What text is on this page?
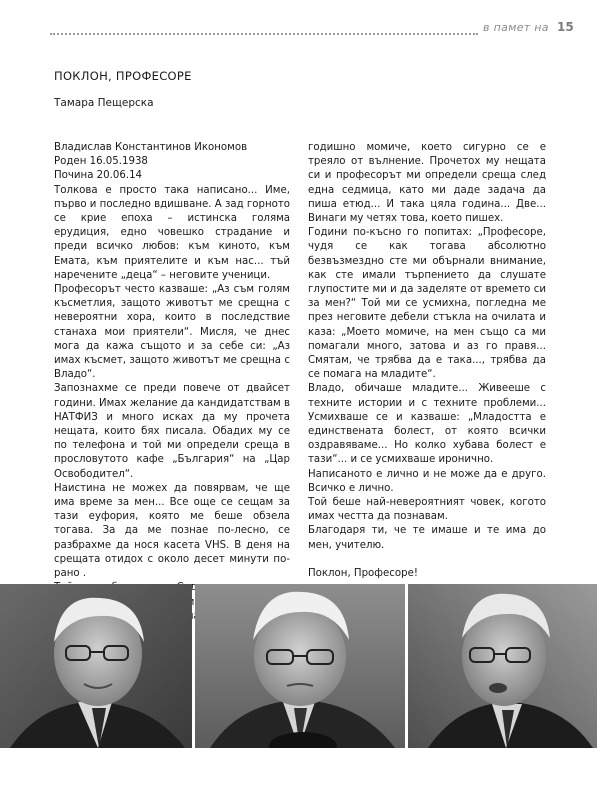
в памет на 15
ПОКЛОН, ПРОФЕСОРЕ
Тамара Пещерска

Владислав Константинов Икономов

Роден 16.05.1938

Почина 20.06.14

Толкова е просто така написано... Име, първо и последно вдишване. А зад горното се крие епоха – истинска голяма ерудиция, едно човешко страдание и преди всичко любов: към киното, към Емата, към приятелите и към нас... тъй наречените „деца“ – неговите ученици.

Професорът често казваше: „Аз съм голям късметлия, защото животът ме срещна с невероятни хора, които в последствие станаха мои приятели“. Мисля, че днес мога да кажа същото и за себе си: „Аз имах късмет, защото животът ме срещна с Владо“.

Запознахме се преди повече от двайсет години. Имах желание да кандидатствам в НАТФИЗ и много исках да му прочета нещата, които бях писала. Обадих му се по телефона и той ми определи среща в прословутото кафе „България“ на „Цар Освободител“.

Наистина не можех да повярвам, че ще има време за мен... Все още се сещам за тази еуфория, която ме беше обзела тогава. За да ме познае по-лесно, се разбрахме да нося касета VHS. В деня на срещата отидох с около десет минути по-рано .

годишно момиче, което сигурно се е треяло от вълнение. Прочетох му нещата си и професорът ми определи среща след една седмица, като ми даде задача да пиша етюд... И така цяла година... Две... Винаги му четях това, което пишех.

Години по-късно го попитах: „Професоре, чудя се как тогава абсолютно безвъзмездно сте ми обърнали внимание, как сте имали търпението да слушате глупостите ми и да заделяте от времето си за мен?“ Той ми се усмихна, погледна ме през неговите дебели стъкла на очилата и каза: „Моето момиче, на мен също са ми помагали много, затова и аз го правя... Смятам, че трябва да е така..., трябва да се помага на младите“.

Владо, обичаше младите... Живееше с техните истории и с техните проблеми... Усмихваше се и казваше: „Младостта е единствената болест, от която всички оздравяваме... Но колко хубава болест е тази“... и се усмихваше иронично.

Написаното е лично и не може да е друго. Всичко е лично.

Той беше най-невероятният човек, когото имах честта да познавам.

Благодаря ти, че те имаше и те има до мен, учителю.

Поклон, Професоре!
